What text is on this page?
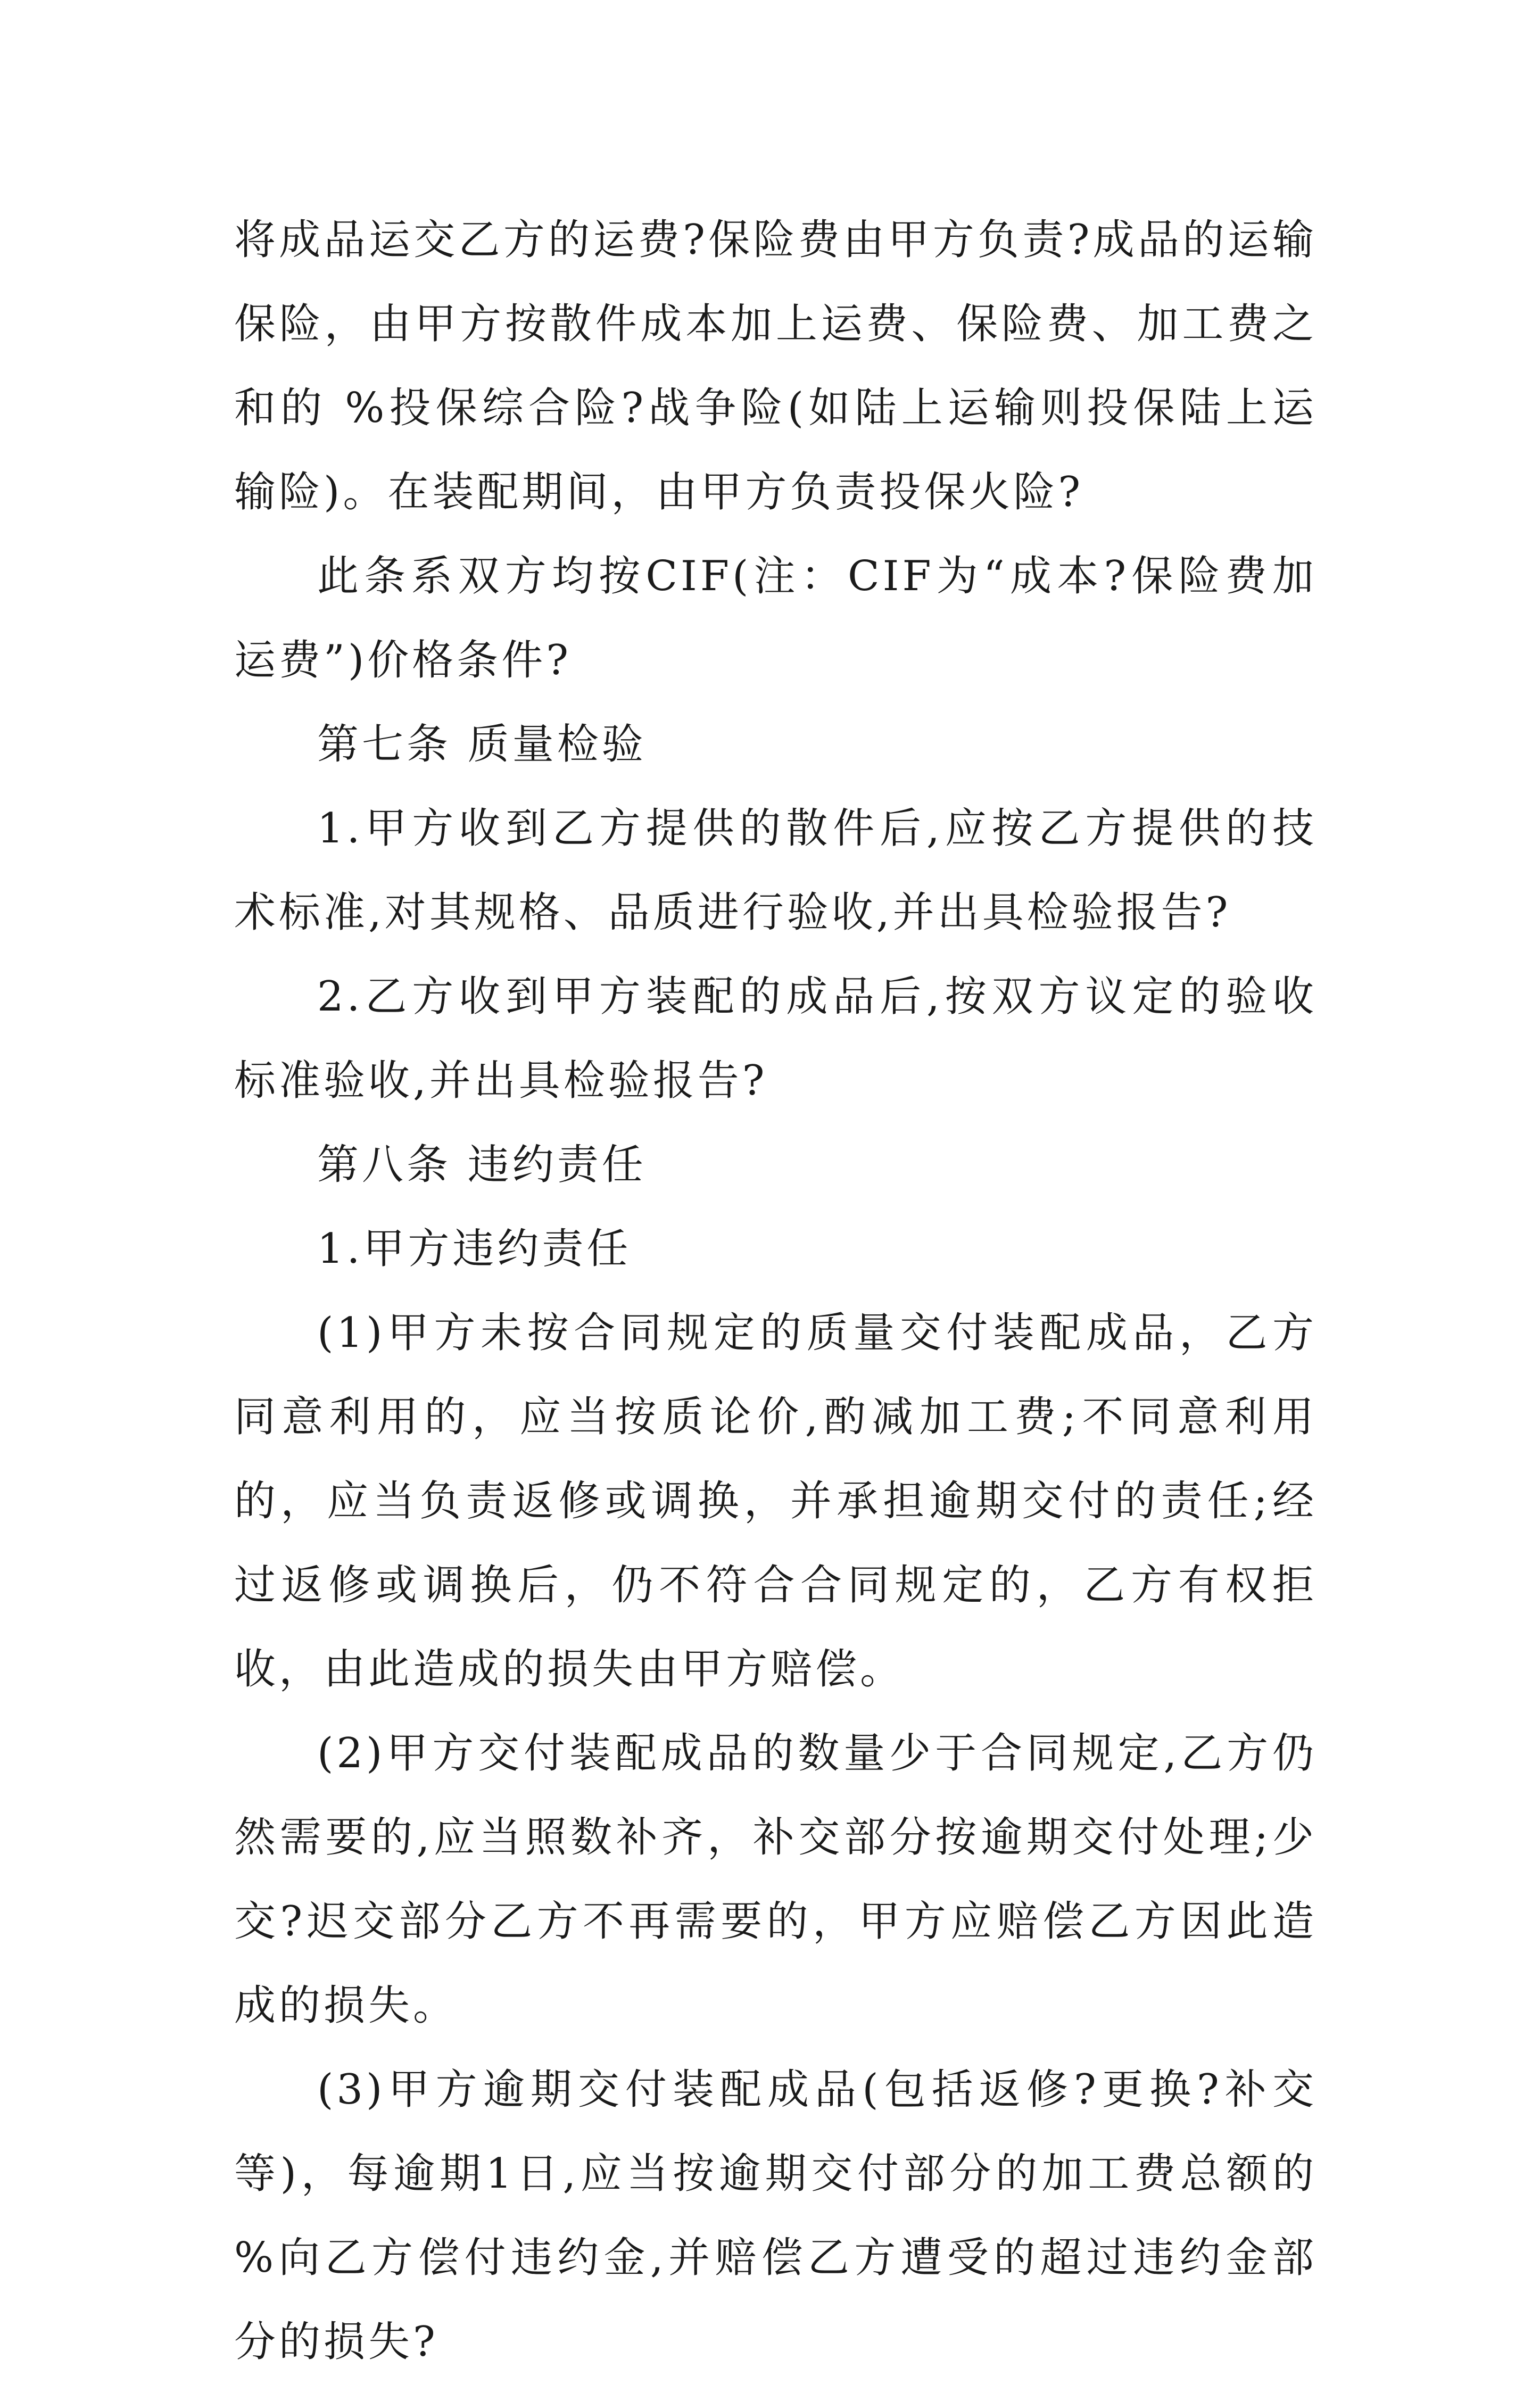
将成品运交乙方的运费?保险费由甲方负责?成品的运输保险，由甲方按散件成本加上运费、保险费、加工费之和的 %投保综合险?战争险(如陆上运输则投保陆上运输险)。在装配期间，由甲方负责投保火险?

此条系双方均按CIF(注：CIF为“成本?保险费加运费”)价格条件?

第七条 质量检验

1.甲方收到乙方提供的散件后,应按乙方提供的技术标准,对其规格、品质进行验收,并出具检验报告?

2.乙方收到甲方装配的成品后,按双方议定的验收标准验收,并出具检验报告?

第八条 违约责任

1.甲方违约责任

(1)甲方未按合同规定的质量交付装配成品，乙方同意利用的，应当按质论价,酌减加工费;不同意利用的，应当负责返修或调换，并承担逾期交付的责任;经过返修或调换后，仍不符合合同规定的，乙方有权拒收，由此造成的损失由甲方赔偿。

(2)甲方交付装配成品的数量少于合同规定,乙方仍然需要的,应当照数补齐，补交部分按逾期交付处理;少交?迟交部分乙方不再需要的，甲方应赔偿乙方因此造成的损失。

(3)甲方逾期交付装配成品(包括返修?更换?补交等)，每逾期1日,应当按逾期交付部分的加工费总额的 %向乙方偿付违约金,并赔偿乙方遭受的超过违约金部分的损失?
